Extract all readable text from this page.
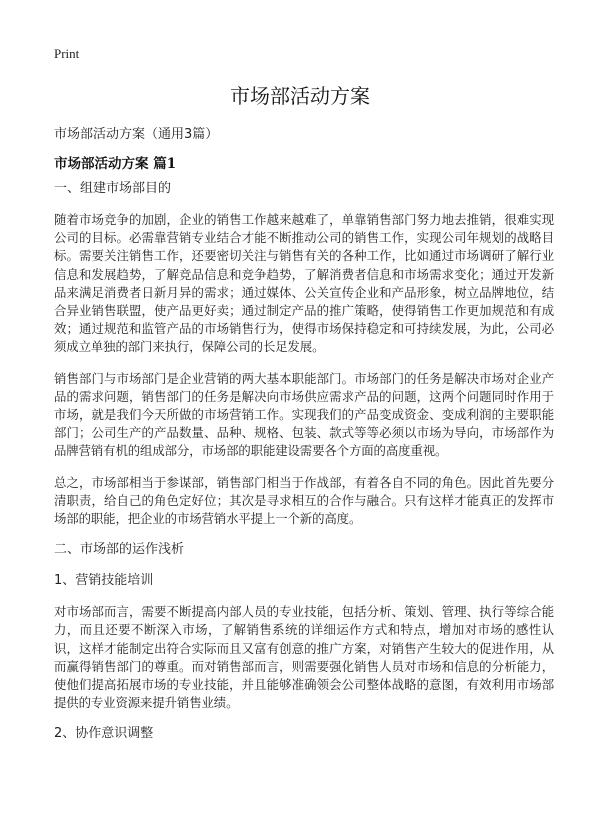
Print
市场部活动方案
市场部活动方案（通用3篇）
市场部活动方案 篇1
一、组建市场部目的

随着市场竞争的加剧，企业的销售工作越来越难了，单靠销售部门努力地去推销，很难实现公司的目标。必需靠营销专业结合才能不断推动公司的销售工作，实现公司年规划的战略目标。需要关注销售工作，还要密切关注与销售有关的各种工作，比如通过市场调研了解行业信息和发展趋势，了解竞品信息和竞争趋势，了解消费者信息和市场需求变化；通过开发新品来满足消费者日新月异的需求；通过媒体、公关宣传企业和产品形象，树立品牌地位，结合异业销售联盟，使产品更好卖；通过制定产品的推广策略，使得销售工作更加规范和有成效；通过规范和监管产品的市场销售行为，使得市场保持稳定和可持续发展，为此，公司必须成立单独的部门来执行，保障公司的长足发展。

销售部门与市场部门是企业营销的两大基本职能部门。市场部门的任务是解决市场对企业产品的需求问题，销售部门的任务是解决向市场供应需求产品的问题，这两个问题同时作用于市场，就是我们今天所做的市场营销工作。实现我们的产品变成资金、变成利润的主要职能部门；公司生产的产品数量、品种、规格、包装、款式等等必须以市场为导向，市场部作为品牌营销有机的组成部分，市场部的职能建设需要各个方面的高度重视。

总之，市场部相当于参谋部，销售部门相当于作战部，有着各自不同的角色。因此首先要分清职责，给自己的角色定好位；其次是寻求相互的合作与融合。只有这样才能真正的发挥市场部的职能，把企业的市场营销水平提上一个新的高度。

二、市场部的运作浅析
1、营销技能培训

对市场部而言，需要不断提高内部人员的专业技能，包括分析、策划、管理、执行等综合能力，而且还要不断深入市场，了解销售系统的详细运作方式和特点，增加对市场的感性认识，这样才能制定出符合实际而且又富有创意的推广方案，对销售产生较大的促进作用，从而赢得销售部门的尊重。而对销售部而言，则需要强化销售人员对市场和信息的分析能力，使他们提高拓展市场的专业技能，并且能够准确领会公司整体战略的意图，有效利用市场部提供的专业资源来提升销售业绩。

2、协作意识调整
